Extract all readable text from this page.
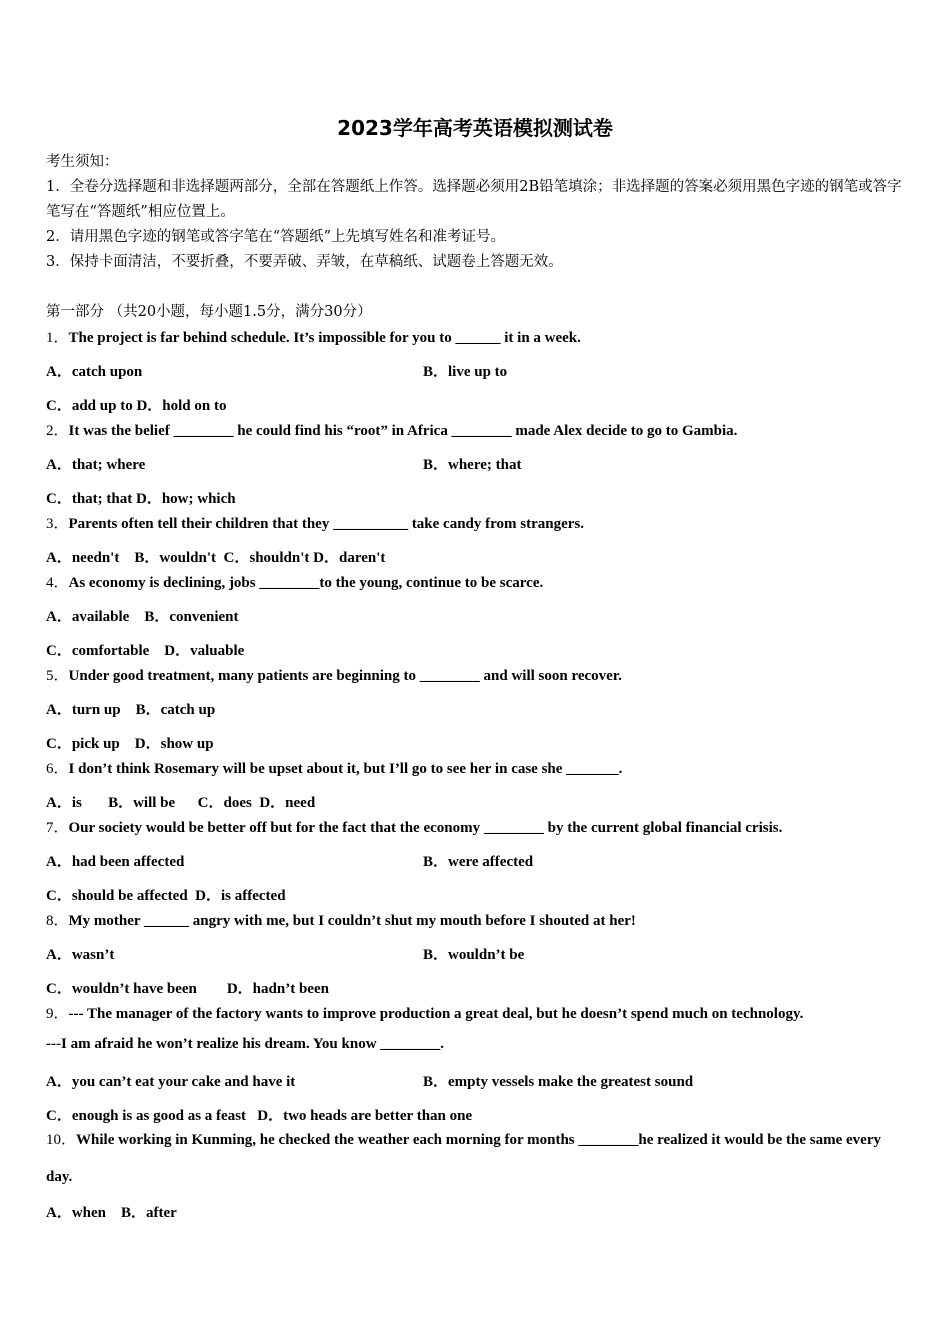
2023学年高考英语模拟测试卷
考生须知：
1．全卷分选择题和非选择题两部分，全部在答题纸上作答。选择题必须用2B铅笔填涂；非选择题的答案必须用黑色字迹的钢笔或答字笔写在“答题纸”相应位置上。
2．请用黑色字迹的钢笔或答字笔在“答题纸”上先填写姓名和准考证号。
3．保持卡面清洁，不要折叠，不要弄破、弄皱，在草稿纸、试题卷上答题无效。
第一部分 （共20小题，每小题1.5分，满分30分）
1．The project is far behind schedule. It’s impossible for you to ______ it in a week.
A．catch upon	B．live up to
C．add up to D．hold on to
2．It was the belief ________ he could find his “root” in Africa ________ made Alex decide to go to Gambia.
A．that; where	B．where; that
C．that; that D．how; which
3．Parents often tell their children that they __________ take candy from strangers.
A．needn't    B．wouldn't  C．shouldn't D．daren't
4．As economy is declining, jobs ________to the young, continue to be scarce.
A．available    B．convenient
C．comfortable    D．valuable
5．Under good treatment, many patients are beginning to ________ and will soon recover.
A．turn up    B．catch up
C．pick up    D．show up
6．I don’t think Rosemary will be upset about it, but I’ll go to see her in case she _______.
A．is       B．will be      C．does  D．need
7．Our society would be better off but for the fact that the economy ________ by the current global financial crisis.
A．had been affected	B．were affected
C．should be affected  D．is affected
8．My mother ______ angry with me, but I couldn’t shut my mouth before I shouted at her!
A．wasn’t	B．wouldn’t be
C．wouldn’t have been        D．hadn’t been
9．--- The manager of the factory wants to improve production a great deal, but he doesn’t spend much on technology.
---I am afraid he won’t realize his dream. You know ________.
A．you can’t eat your cake and have it	B．empty vessels make the greatest sound
C．enough is as good as a feast   D．two heads are better than one
10．While working in Kunming, he checked the weather each morning for months ________he realized it would be the same every day.
A．when    B．after
